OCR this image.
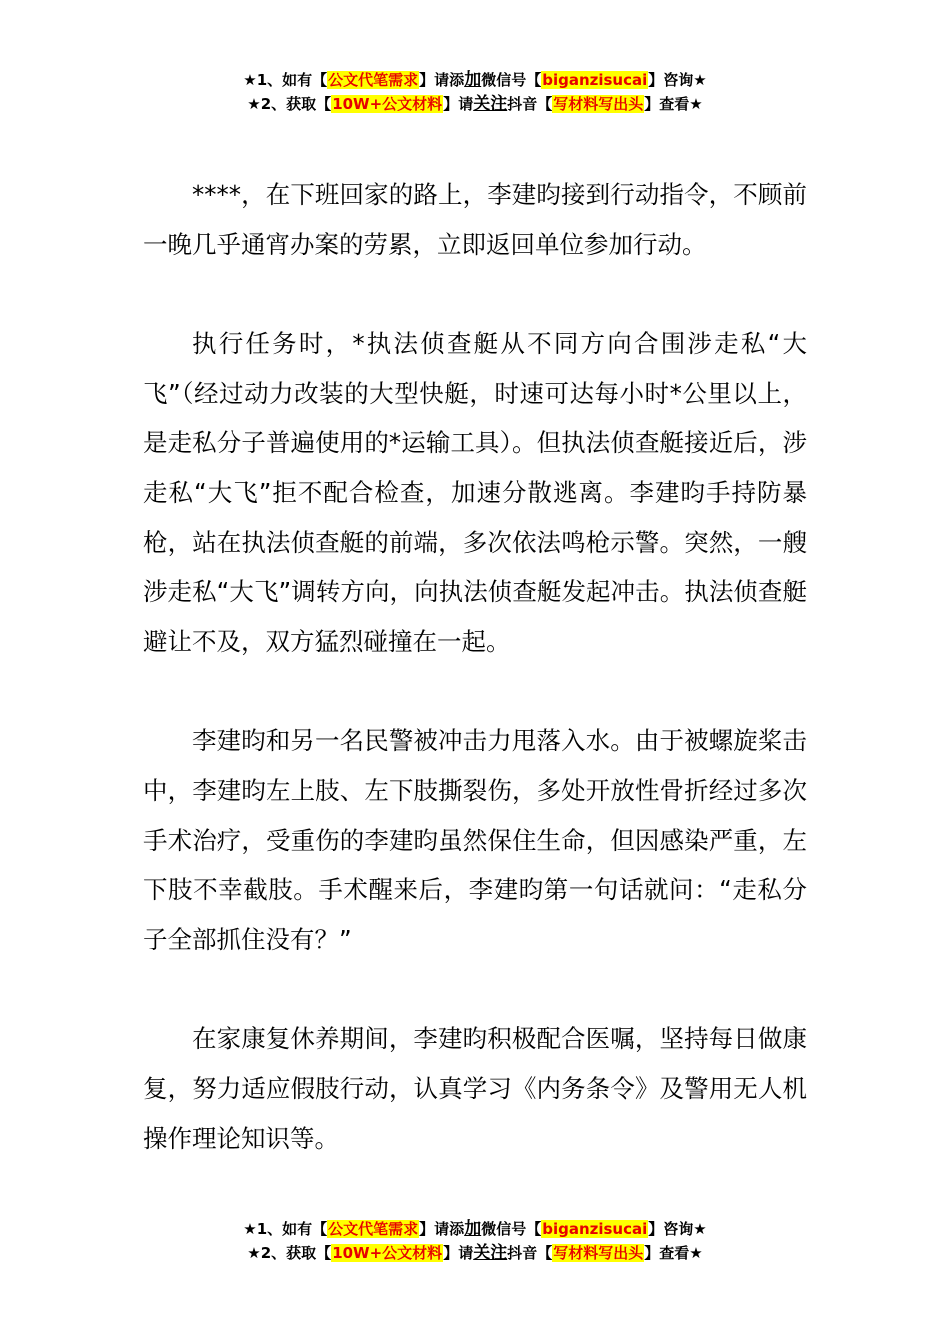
★1、如有【公文代笔需求】请添加微信号【biganzisucai】咨询★
★2、获取【10W+公文材料】请关注抖音【写材料写出头】查看★

****，在下班回家的路上，李建昀接到行动指令，不顾前一晚几乎通宵办案的劳累，立即返回单位参加行动。

执行任务时，*执法侦查艇从不同方向合围涉走私“大飞”（经过动力改装的大型快艇，时速可达每小时*公里以上，是走私分子普遍使用的*运输工具）。但执法侦查艇接近后，涉走私“大飞”拒不配合检查，加速分散逃离。李建昀手持防暴枪，站在执法侦查艇的前端，多次依法鸣枪示警。突然，一艘涉走私“大飞”调转方向，向执法侦查艇发起冲击。执法侦查艇避让不及，双方猛烈碰撞在一起。

李建昀和另一名民警被冲击力甩落入水。由于被螺旋桨击中，李建昀左上肢、左下肢撕裂伤，多处开放性骨折经过多次手术治疗，受重伤的李建昀虽然保住生命，但因感染严重，左下肢不幸截肢。手术醒来后，李建昀第一句话就问：“走私分子全部抓住没有？”

在家康复休养期间，李建昀积极配合医嘱，坚持每日做康复，努力适应假肢行动，认真学习《内务条令》及警用无人机操作理论知识等。

★1、如有【公文代笔需求】请添加微信号【biganzisucai】咨询★
★2、获取【10W+公文材料】请关注抖音【写材料写出头】查看★
